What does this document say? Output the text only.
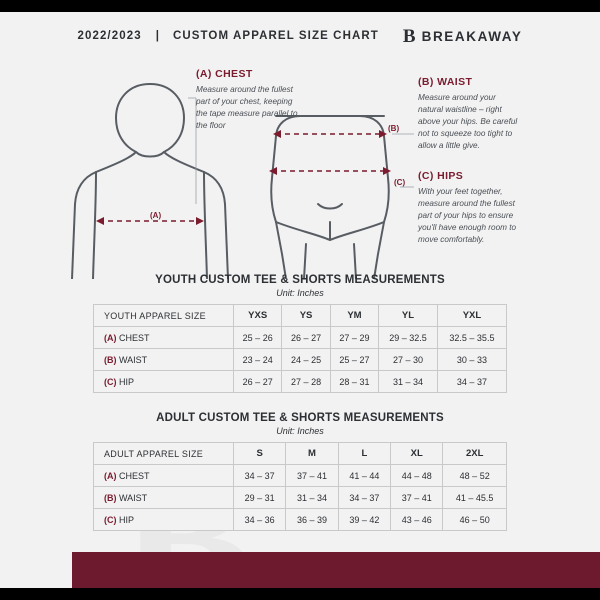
2022/2023	|	CUSTOM APPAREL SIZE CHART B BREAKAWAY
(A)
(B)
(C)
(A) CHEST
Measure around the fullest part of your chest, keeping the tape measure parallel to the floor
(B) WAIST
Measure around your natural waistline – right above your hips. Be careful not to squeeze too tight to allow a little give.
(C) HIPS
With your feet together, measure around the fullest part of your hips to ensure you'll have enough room to move comfortably.
YOUTH CUSTOM TEE & SHORTS MEASUREMENTS
Unit: Inches
YOUTH APPAREL SIZE	YXS	YS	YM	YL	YXL
(A) CHEST	25 – 26	26 – 27	27 – 29	29 – 32.5	32.5 – 35.5
(B) WAIST	23 – 24	24 – 25	25 – 27	27 – 30	30 – 33
(C) HIP	26 – 27	27 – 28	28 – 31	31 – 34	34 – 37
ADULT CUSTOM TEE & SHORTS MEASUREMENTS
Unit: Inches
ADULT APPAREL SIZE	S	M	L	XL	2XL
(A) CHEST	34 – 37	37 – 41	41 – 44	44 – 48	48 – 52
(B) WAIST	29 – 31	31 – 34	34 – 37	37 – 41	41 – 45.5
(C) HIP	34 – 36	36 – 39	39 – 42	43 – 46	46 – 50
